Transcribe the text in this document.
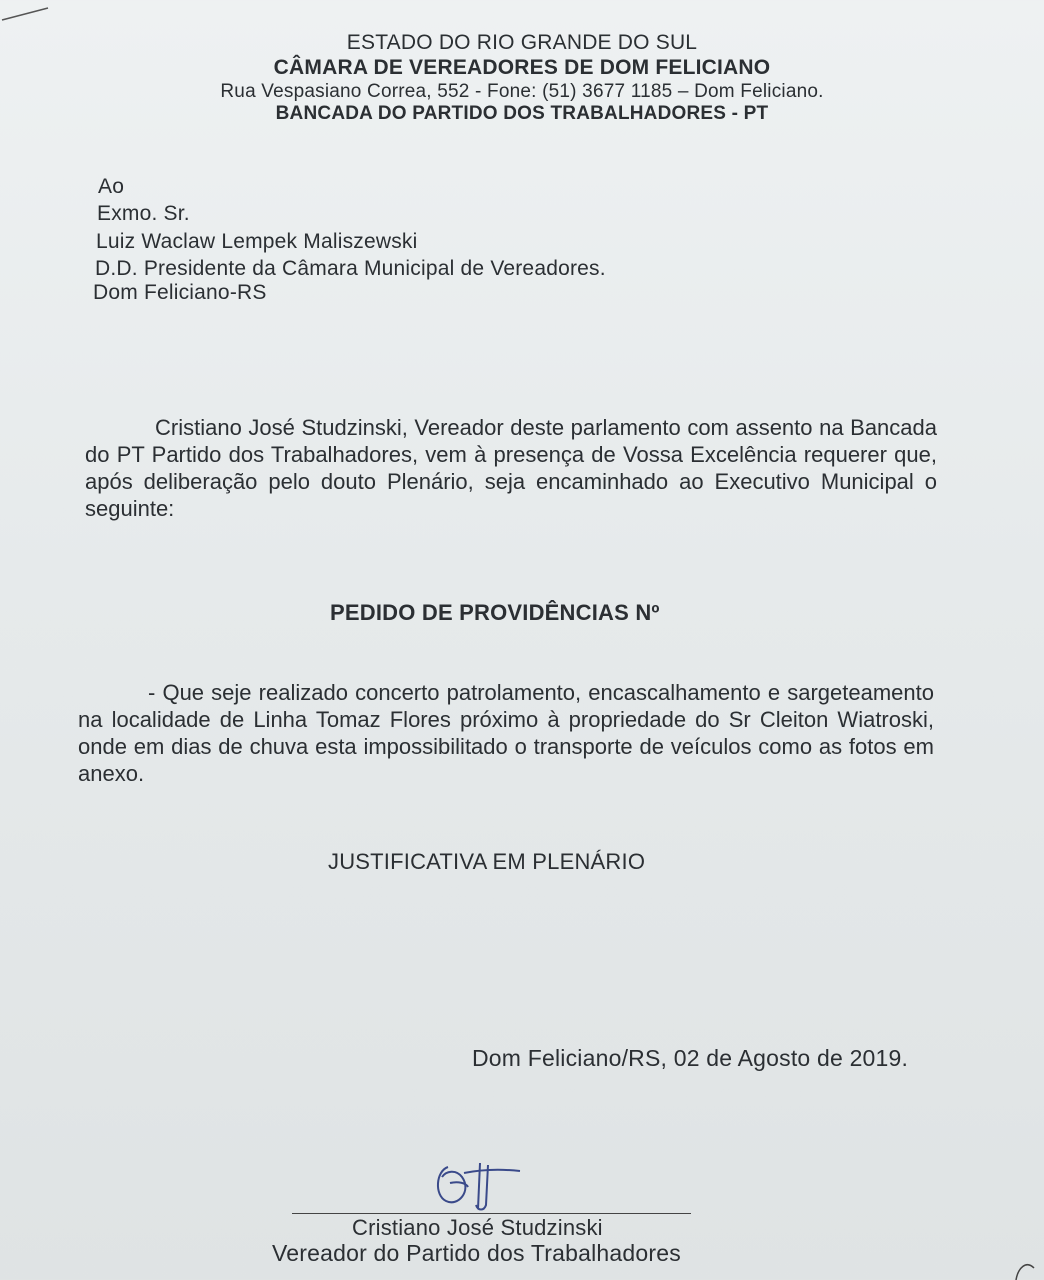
ESTADO DO RIO GRANDE DO SUL
CÂMARA DE VEREADORES DE DOM FELICIANO
Rua Vespasiano Correa, 552 - Fone: (51) 3677 1185 – Dom Feliciano.
BANCADA DO PARTIDO DOS TRABALHADORES - PT
Ao
Exmo. Sr.
Luiz Waclaw Lempek Maliszewski
D.D. Presidente da Câmara Municipal de Vereadores.
Dom Feliciano-RS
Cristiano José Studzinski, Vereador deste parlamento com assento na Bancada do PT Partido dos Trabalhadores, vem à presença de Vossa Excelência requerer que, após deliberação pelo douto Plenário, seja encaminhado ao Executivo Municipal o seguinte:
PEDIDO DE PROVIDÊNCIAS Nº
- Que seje realizado concerto patrolamento, encascalhamento e sargeteamento na localidade de Linha Tomaz Flores próximo à propriedade do Sr Cleiton Wiatroski, onde em dias de chuva esta impossibilitado o transporte de veículos como as fotos em anexo.
JUSTIFICATIVA EM PLENÁRIO
Dom Feliciano/RS, 02 de Agosto de 2019.
Cristiano José Studzinski
Vereador do Partido dos Trabalhadores
